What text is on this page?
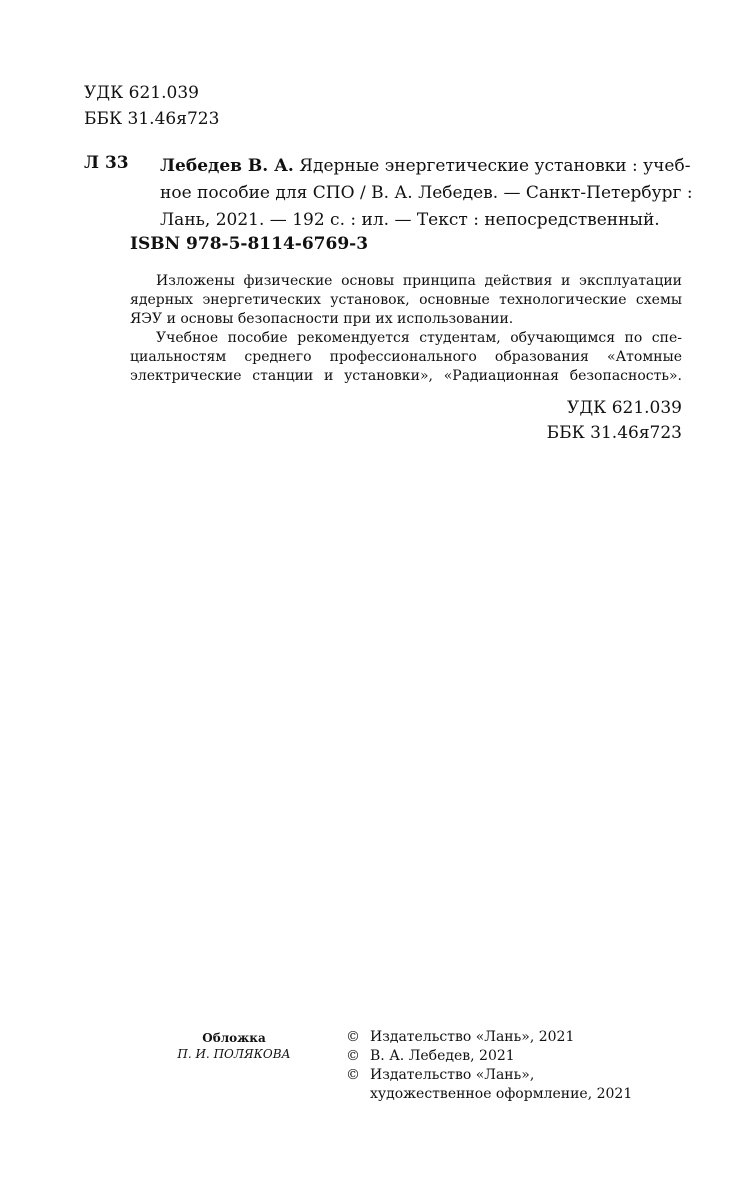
УДК 621.039
ББК 31.46я723
Л 33 Лебедев В. А. Ядерные энергетические установки : учеб-
ное пособие для СПО / В. А. Лебедев. — Санкт-Петербург :
Лань, 2021. — 192 с. : ил. — Текст : непосредственный.
ISBN 978-5-8114-6769-3
Изложены физические основы принципа действия и эксплуатации
ядерных энергетических установок, основные технологические схемы
ЯЭУ и основы безопасности при их использовании.
Учебное пособие рекомендуется студентам, обучающимся по спе-
циальностям среднего профессионального образования «Атомные
электрические станции и установки», «Радиационная безопасность».
УДК 621.039
ББК 31.46я723
Обложка
П. И. ПОЛЯКОВА
© Издательство «Лань», 2021
© В. А. Лебедев, 2021
© Издательство «Лань»,
художественное оформление, 2021
